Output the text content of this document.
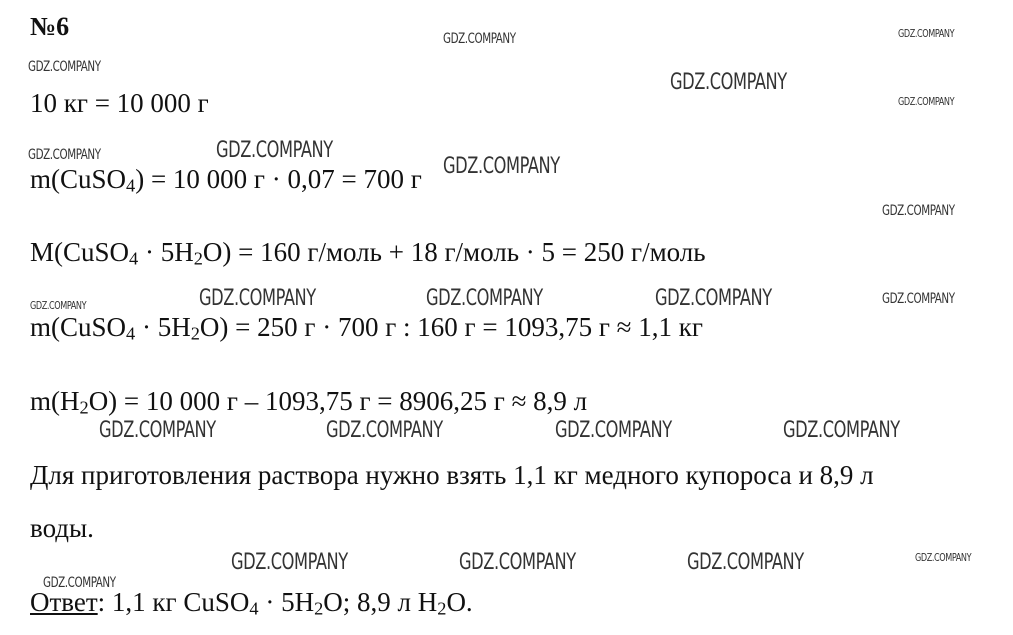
№6
10 кг = 10 000 г
m(CuSO$_4$) = 10 000 г · 0,07 = 700 г
M(CuSO$_4$ · $5H_2O) = 160$ г/моль + 18 г/моль · 5 = 250 г/моль
m(CuSO$_4$ · $5H_2O) = 250$ г · 700 г : 160 г = 1093,75 г ≈ 1,1 кг
$m(H_2O) = 10$ 000 г – 1093,75 г = 8906,25 г ≈ 8,9 л
Для приготовления раствора нужно взять 1,1 кг медного купороса и 8,9 л
воды.
Ответ: 1,1 кг CuSO$_4$ · $5H_2O$; 8,9 л $H_2O$.
GDZ.COMPANY	GDZ.COMPANY
GDZ.COMPANY
GDZ.COMPANY
GDZ.COMPANY
GDZ.COMPANY
GDZ.COMPANY	GDZ.COMPANY
GDZ.COMPANY
GDZ.COMPANY	GDZ.COMPANY	GDZ.COMPANY	GDZ.COMPANY
GDZ.COMPANY
GDZ.COMPANY	GDZ.COMPANY	GDZ.COMPANY	GDZ.COMPANY
GDZ.COMPANY	GDZ.COMPANY	GDZ.COMPANY	GDZ.COMPANY
GDZ.COMPANY
